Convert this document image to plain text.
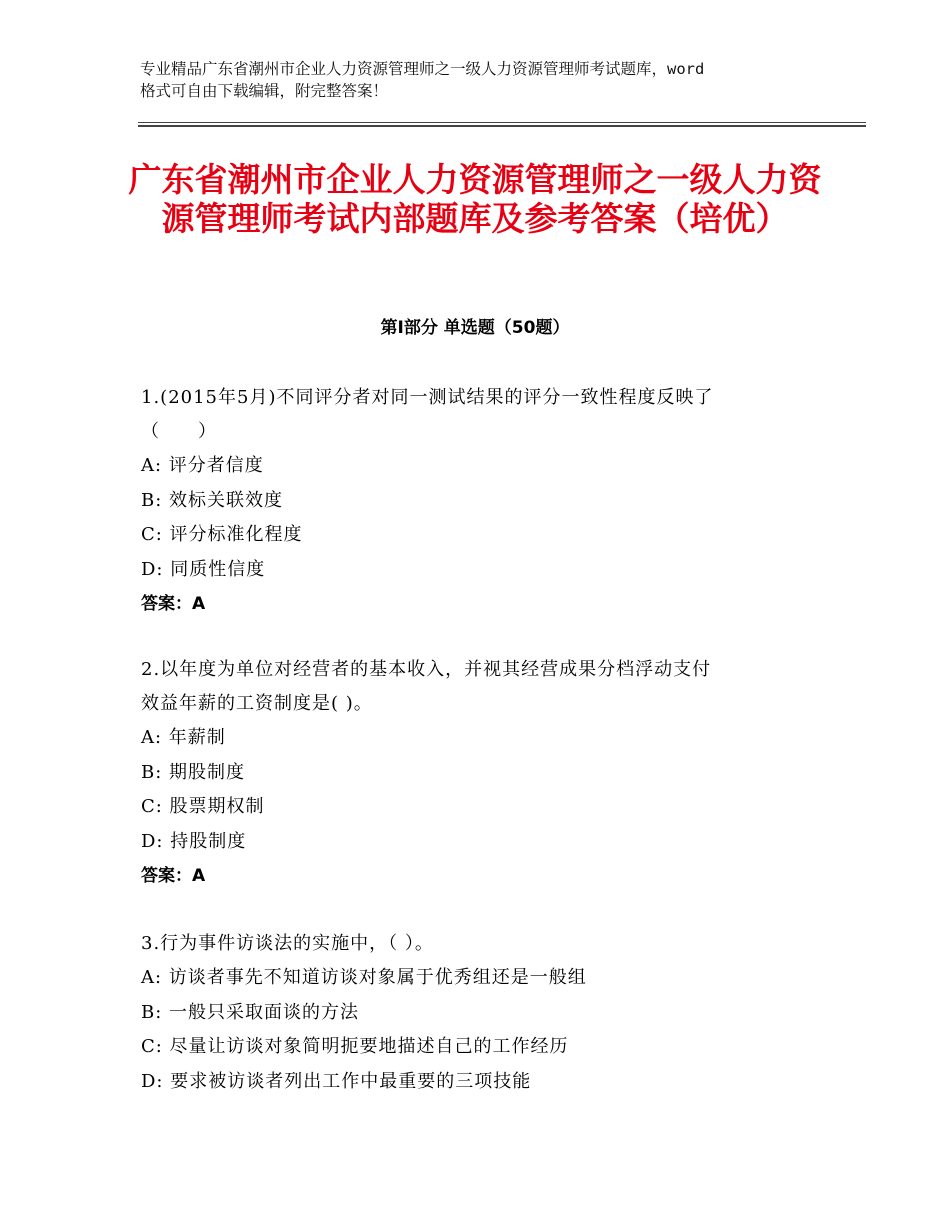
专业精品广东省潮州市企业人力资源管理师之一级人力资源管理师考试题库，word
格式可自由下载编辑，附完整答案！
广东省潮州市企业人力资源管理师之一级人力资源管理师考试内部题库及参考答案（培优）
第Ⅰ部分 单选题（50题）
1.(2015年5月)不同评分者对同一测试结果的评分一致性程度反映了
（　　）
A: 评分者信度
B: 效标关联效度
C: 评分标准化程度
D: 同质性信度
答案：A
2.以年度为单位对经营者的基本收入，并视其经营成果分档浮动支付
效益年薪的工资制度是( )。
A: 年薪制
B: 期股制度
C: 股票期权制
D: 持股制度
答案：A
3.行为事件访谈法的实施中，（ ）。
A: 访谈者事先不知道访谈对象属于优秀组还是一般组
B: 一般只采取面谈的方法
C: 尽量让访谈对象简明扼要地描述自己的工作经历
D: 要求被访谈者列出工作中最重要的三项技能
